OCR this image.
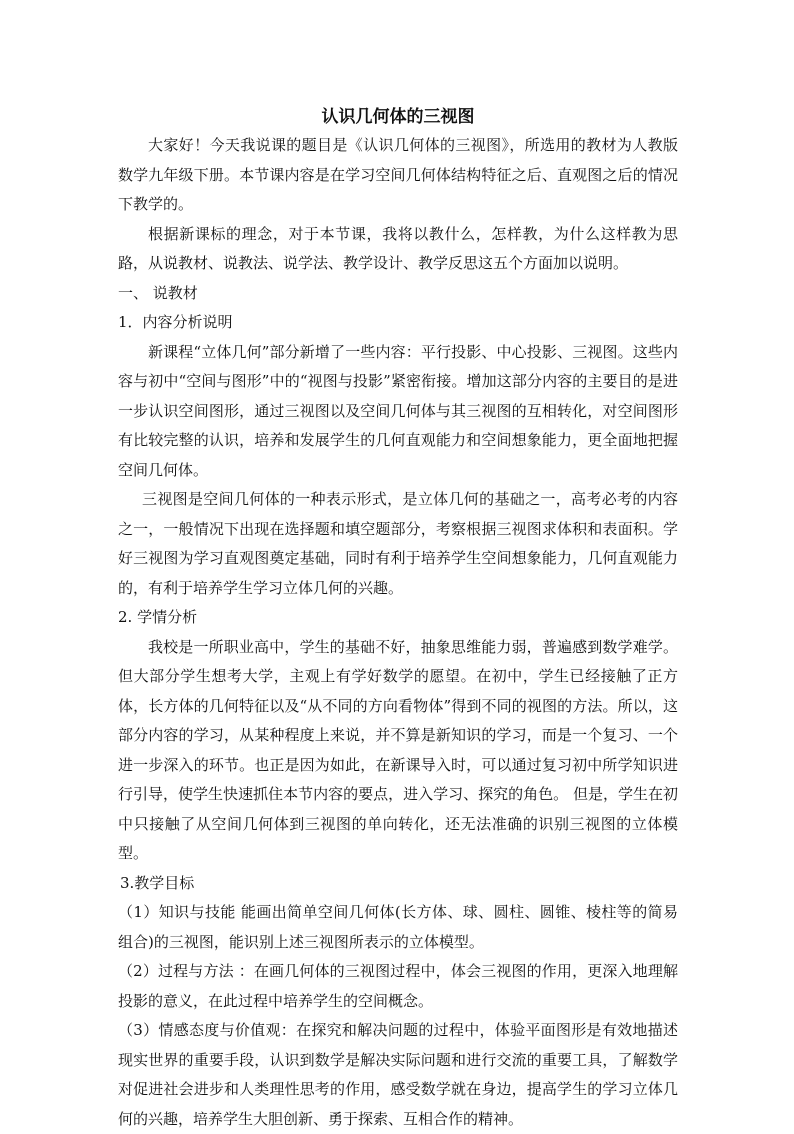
认识几何体的三视图

大家好！今天我说课的题目是《认识几何体的三视图》，所选用的教材为人教版数学九年级下册。本节课内容是在学习空间几何体结构特征之后、直观图之后的情况下教学的。

根据新课标的理念，对于本节课，我将以教什么，怎样教，为什么这样教为思路，从说教材、说教法、说学法、教学设计、教学反思这五个方面加以说明。

一、 说教材

1．内容分析说明

新课程“立体几何”部分新增了一些内容：平行投影、中心投影、三视图。这些内容与初中“空间与图形”中的“视图与投影”紧密衔接。增加这部分内容的主要目的是进一步认识空间图形，通过三视图以及空间几何体与其三视图的互相转化，对空间图形有比较完整的认识，培养和发展学生的几何直观能力和空间想象能力，更全面地把握空间几何体。

三视图是空间几何体的一种表示形式，是立体几何的基础之一，高考必考的内容之一，一般情况下出现在选择题和填空题部分，考察根据三视图求体积和表面积。学好三视图为学习直观图奠定基础，同时有利于培养学生空间想象能力，几何直观能力的，有利于培养学生学习立体几何的兴趣。

2. 学情分析

我校是一所职业高中，学生的基础不好，抽象思维能力弱，普遍感到数学难学。但大部分学生想考大学，主观上有学好数学的愿望。在初中，学生已经接触了正方体，长方体的几何特征以及“从不同的方向看物体”得到不同的视图的方法。所以，这部分内容的学习，从某种程度上来说，并不算是新知识的学习，而是一个复习、一个进一步深入的环节。也正是因为如此，在新课导入时，可以通过复习初中所学知识进行引导，使学生快速抓住本节内容的要点，进入学习、探究的角色。 但是，学生在初中只接触了从空间几何体到三视图的单向转化，还无法准确的识别三视图的立体模型。

3.教学目标

（1）知识与技能 能画出简单空间几何体(长方体、球、圆柱、圆锥、棱柱等的简易组合)的三视图，能识别上述三视图所表示的立体模型。

（2）过程与方法 ：在画几何体的三视图过程中，体会三视图的作用，更深入地理解投影的意义，在此过程中培养学生的空间概念。

（3）情感态度与价值观：在探究和解决问题的过程中，体验平面图形是有效地描述现实世界的重要手段，认识到数学是解决实际问题和进行交流的重要工具，了解数学对促进社会进步和人类理性思考的作用，感受数学就在身边，提高学生的学习立体几何的兴趣，培养学生大胆创新、勇于探索、互相合作的精神。
